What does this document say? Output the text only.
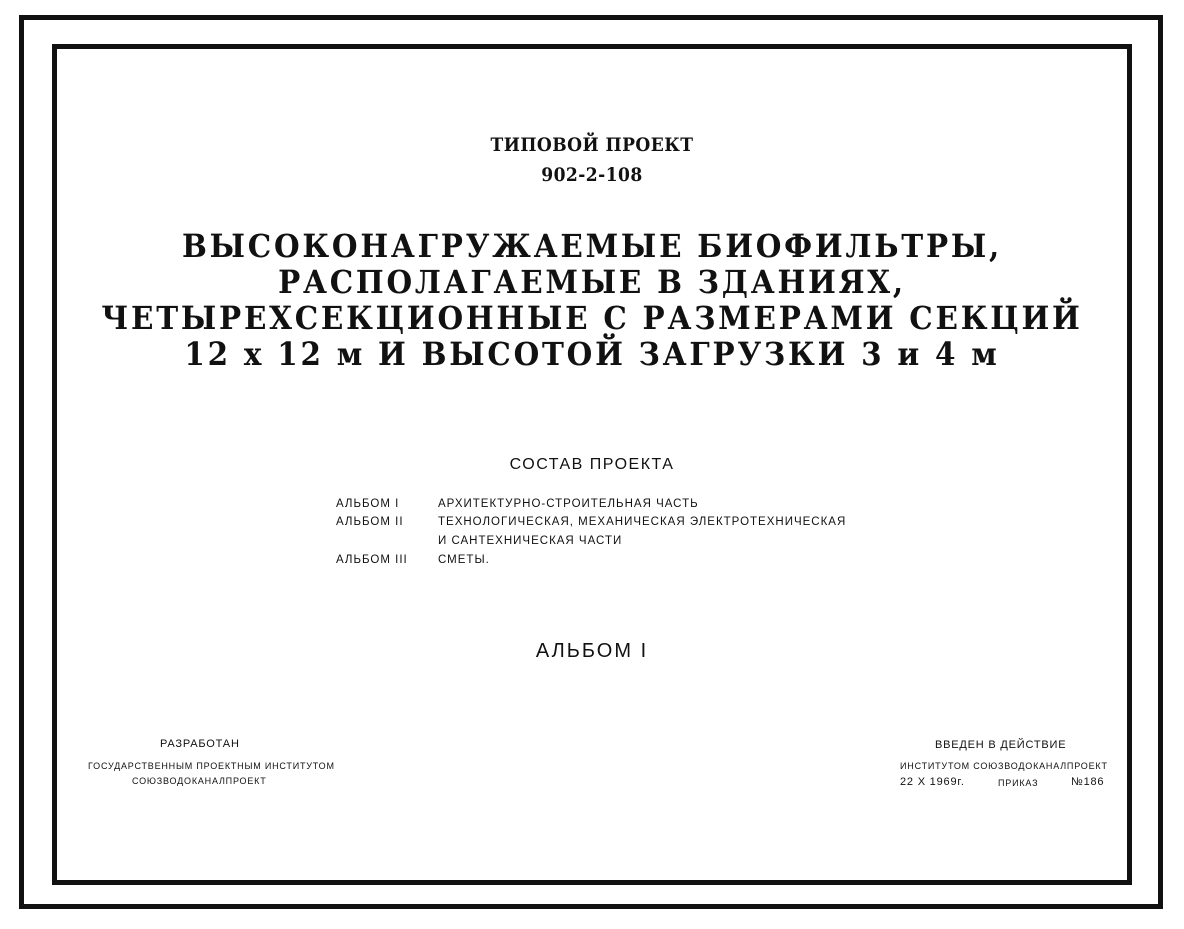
ТИПОВОЙ ПРОЕКТ
902-2-108
ВЫСОКОНАГРУЖАЕМЫЕ БИОФИЛЬТРЫ,
РАСПОЛАГАЕМЫЕ В ЗДАНИЯХ,
ЧЕТЫРЕХСЕКЦИОННЫЕ С РАЗМЕРАМИ СЕКЦИЙ
12 х 12 м И ВЫСОТОЙ ЗАГРУЗКИ 3 и 4 м
СОСТАВ ПРОЕКТА
АЛЬБОМ I	АРХИТЕКТУРНО-СТРОИТЕЛЬНАЯ ЧАСТЬ
АЛЬБОМ II	ТЕХНОЛОГИЧЕСКАЯ, МЕХАНИЧЕСКАЯ ЭЛЕКТРОТЕХНИЧЕСКАЯ
И САНТЕХНИЧЕСКАЯ ЧАСТИ
АЛЬБОМ III	СМЕТЫ.
АЛЬБОМ I
РАЗРАБОТАН
ГОСУДАРСТВЕННЫМ ПРОЕКТНЫМ ИНСТИТУТОМ
СОЮЗВОДОКАНАЛПРОЕКТ
ВВЕДЕН В ДЕЙСТВИЕ
ИНСТИТУТОМ СОЮЗВОДОКАНАЛПРОЕКТ
22 X 1969г.	ПРИКАЗ	№186
